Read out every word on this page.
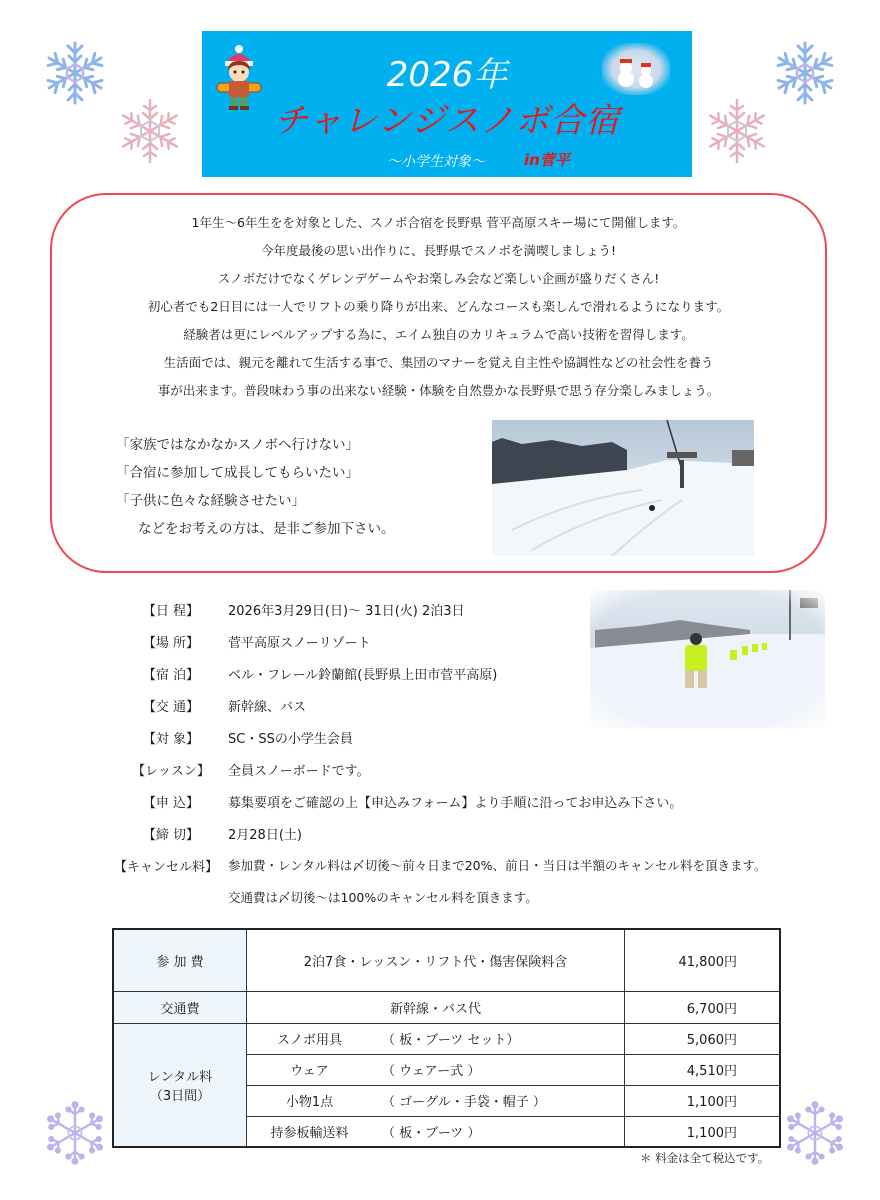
2026年
チャレンジスノボ合宿
～小学生対象～	in菅平
1年生～6年生をを対象とした、スノボ合宿を長野県 菅平高原スキー場にて開催します。
今年度最後の思い出作りに、長野県でスノボを満喫しましょう!
スノボだけでなくゲレンデゲームやお楽しみ会など楽しい企画が盛りだくさん!
初心者でも2日目には一人でリフトの乗り降りが出来、どんなコースも楽しんで滑れるようになります。
経験者は更にレベルアップする為に、エイム独自のカリキュラムで高い技術を習得します。
生活面では、親元を離れて生活する事で、集団のマナーを覚え自主性や協調性などの社会性を養う
事が出来ます。普段味わう事の出来ない経験・体験を自然豊かな長野県で思う存分楽しみましょう。
「家族ではなかなかスノボへ行けない」
「合宿に参加して成長してもらいたい」
「子供に色々な経験させたい」
などをお考えの方は、是非ご参加下さい。
【日 程】	2026年3月29日(日)～ 31日(火) 2泊3日
【場 所】	菅平高原スノーリゾート
【宿 泊】	ベル・フレール鈴蘭館(長野県上田市菅平高原)
【交 通】	新幹線、バス
【対 象】	SC・SSの小学生会員
【レッスン】	全員スノーボードです。
【申 込】	募集要項をご確認の上【申込みフォーム】より手順に沿ってお申込み下さい。
【締 切】	2月28日(土)
【キャンセル料】 参加費・レンタル料は〆切後～前々日まで20%、前日・当日は半額のキャンセル料を頂きます。
交通費は〆切後～は100%のキャンセル料を頂きます。
参 加 費	2泊7食・レッスン・リフト代・傷害保険料含		41,800円
交通費	新幹線・バス代		6,700円

レンタル料
（3日間）	スノボ用具	（ 板・ブーツ セット）	5,060円
	ウェア	（ ウェアー式 ）	4,510円
	小物1点	（ ゴーグル・手袋・帽子 ）	1,100円
	持参板輸送料	（ 板・ブーツ ）	1,100円
＊ 料金は全て税込です。
